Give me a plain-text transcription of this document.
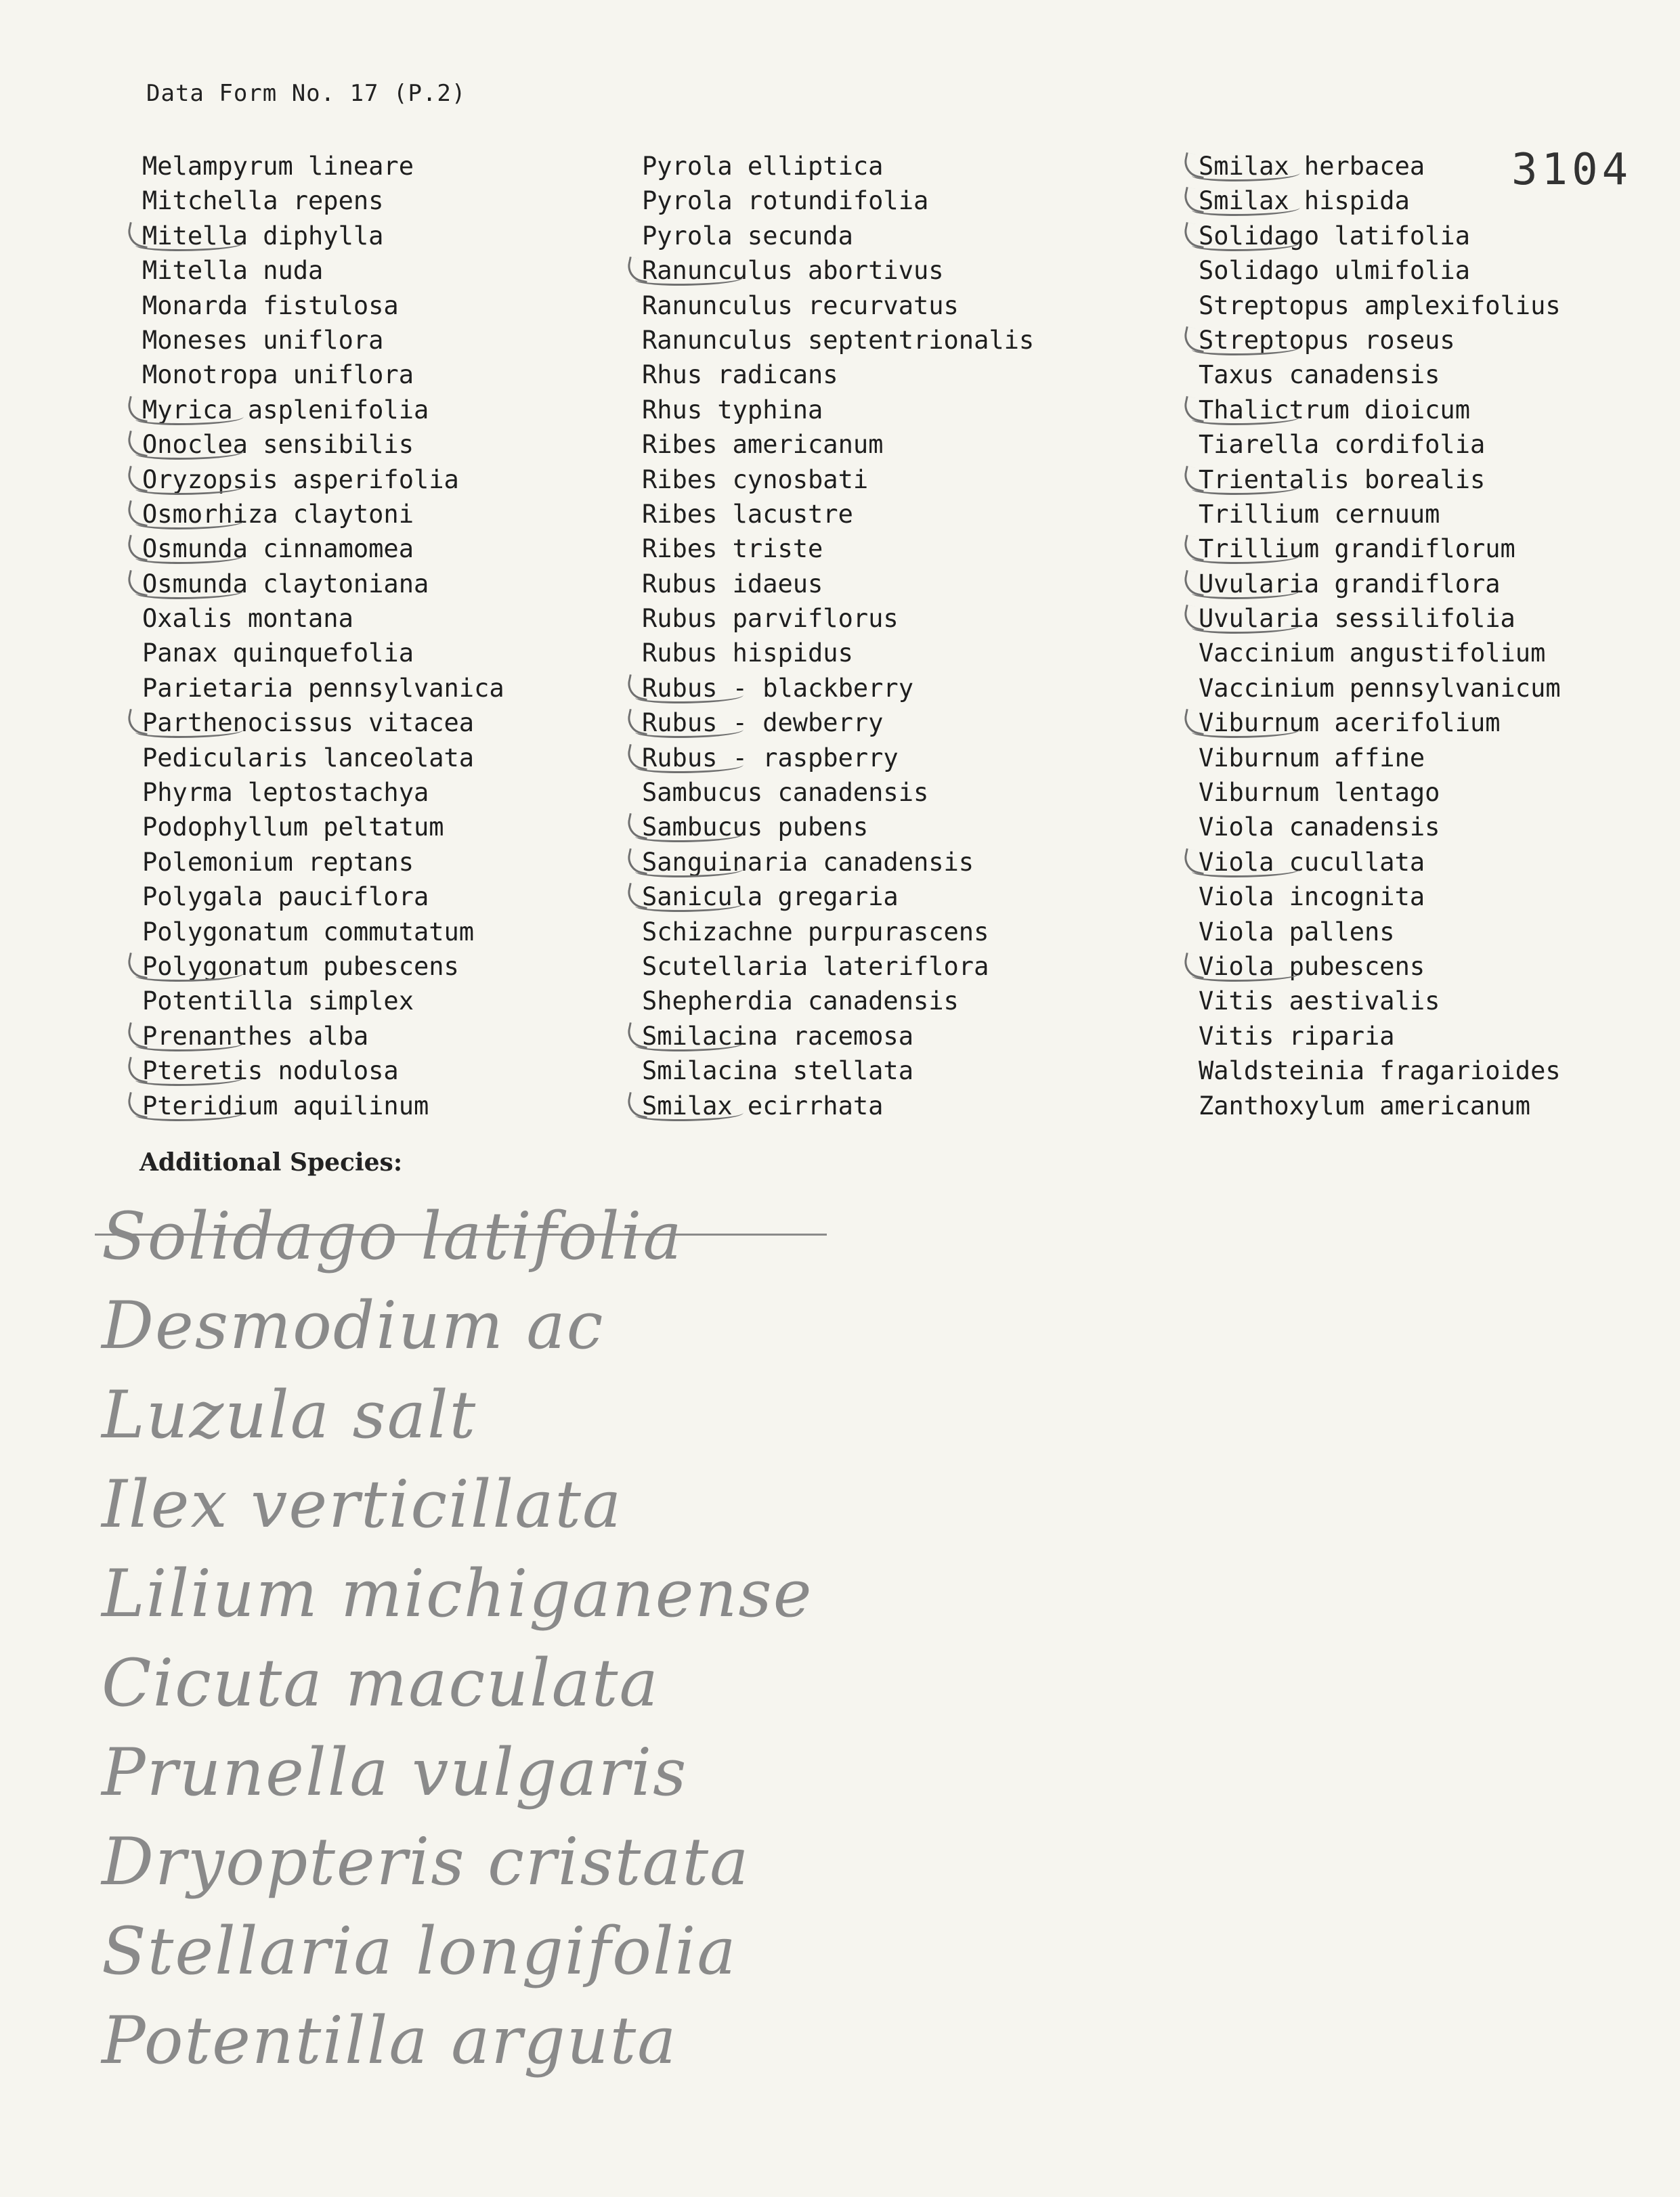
Data Form No. 17 (P.2)
3104
Melampyrum lineare
Mitchella repens
Mitella diphylla
Mitella nuda
Monarda fistulosa
Moneses uniflora
Monotropa uniflora
Myrica asplenifolia
Onoclea sensibilis
Oryzopsis asperifolia
Osmorhiza claytoni
Osmunda cinnamomea
Osmunda claytoniana
Oxalis montana
Panax quinquefolia
Parietaria pennsylvanica
Parthenocissus vitacea
Pedicularis lanceolata
Phyrma leptostachya
Podophyllum peltatum
Polemonium reptans
Polygala pauciflora
Polygonatum commutatum
Polygonatum pubescens
Potentilla simplex
Prenanthes alba
Pteretis nodulosa
Pteridium aquilinum
Pyrola elliptica
Pyrola rotundifolia
Pyrola secunda
Ranunculus abortivus
Ranunculus recurvatus
Ranunculus septentrionalis
Rhus radicans
Rhus typhina
Ribes americanum
Ribes cynosbati
Ribes lacustre
Ribes triste
Rubus idaeus
Rubus parviflorus
Rubus hispidus
Rubus - blackberry
Rubus - dewberry
Rubus - raspberry
Sambucus canadensis
Sambucus pubens
Sanguinaria canadensis
Sanicula gregaria
Schizachne purpurascens
Scutellaria lateriflora
Shepherdia canadensis
Smilacina racemosa
Smilacina stellata
Smilax ecirrhata
Smilax herbacea
Smilax hispida
Solidago latifolia
Solidago ulmifolia
Streptopus amplexifolius
Streptopus roseus
Taxus canadensis
Thalictrum dioicum
Tiarella cordifolia
Trientalis borealis
Trillium cernuum
Trillium grandiflorum
Uvularia grandiflora
Uvularia sessilifolia
Vaccinium angustifolium
Vaccinium pennsylvanicum
Viburnum acerifolium
Viburnum affine
Viburnum lentago
Viola canadensis
Viola cucullata
Viola incognita
Viola pallens
Viola pubescens
Vitis aestivalis
Vitis riparia
Waldsteinia fragarioides
Zanthoxylum americanum
Additional Species:
Solidago latifolia
Desmodium ac
Luzula salt
Ilex verticillata
Lilium michiganense
Cicuta maculata
Prunella vulgaris
Dryopteris cristata
Stellaria longifolia
Potentilla arguta
